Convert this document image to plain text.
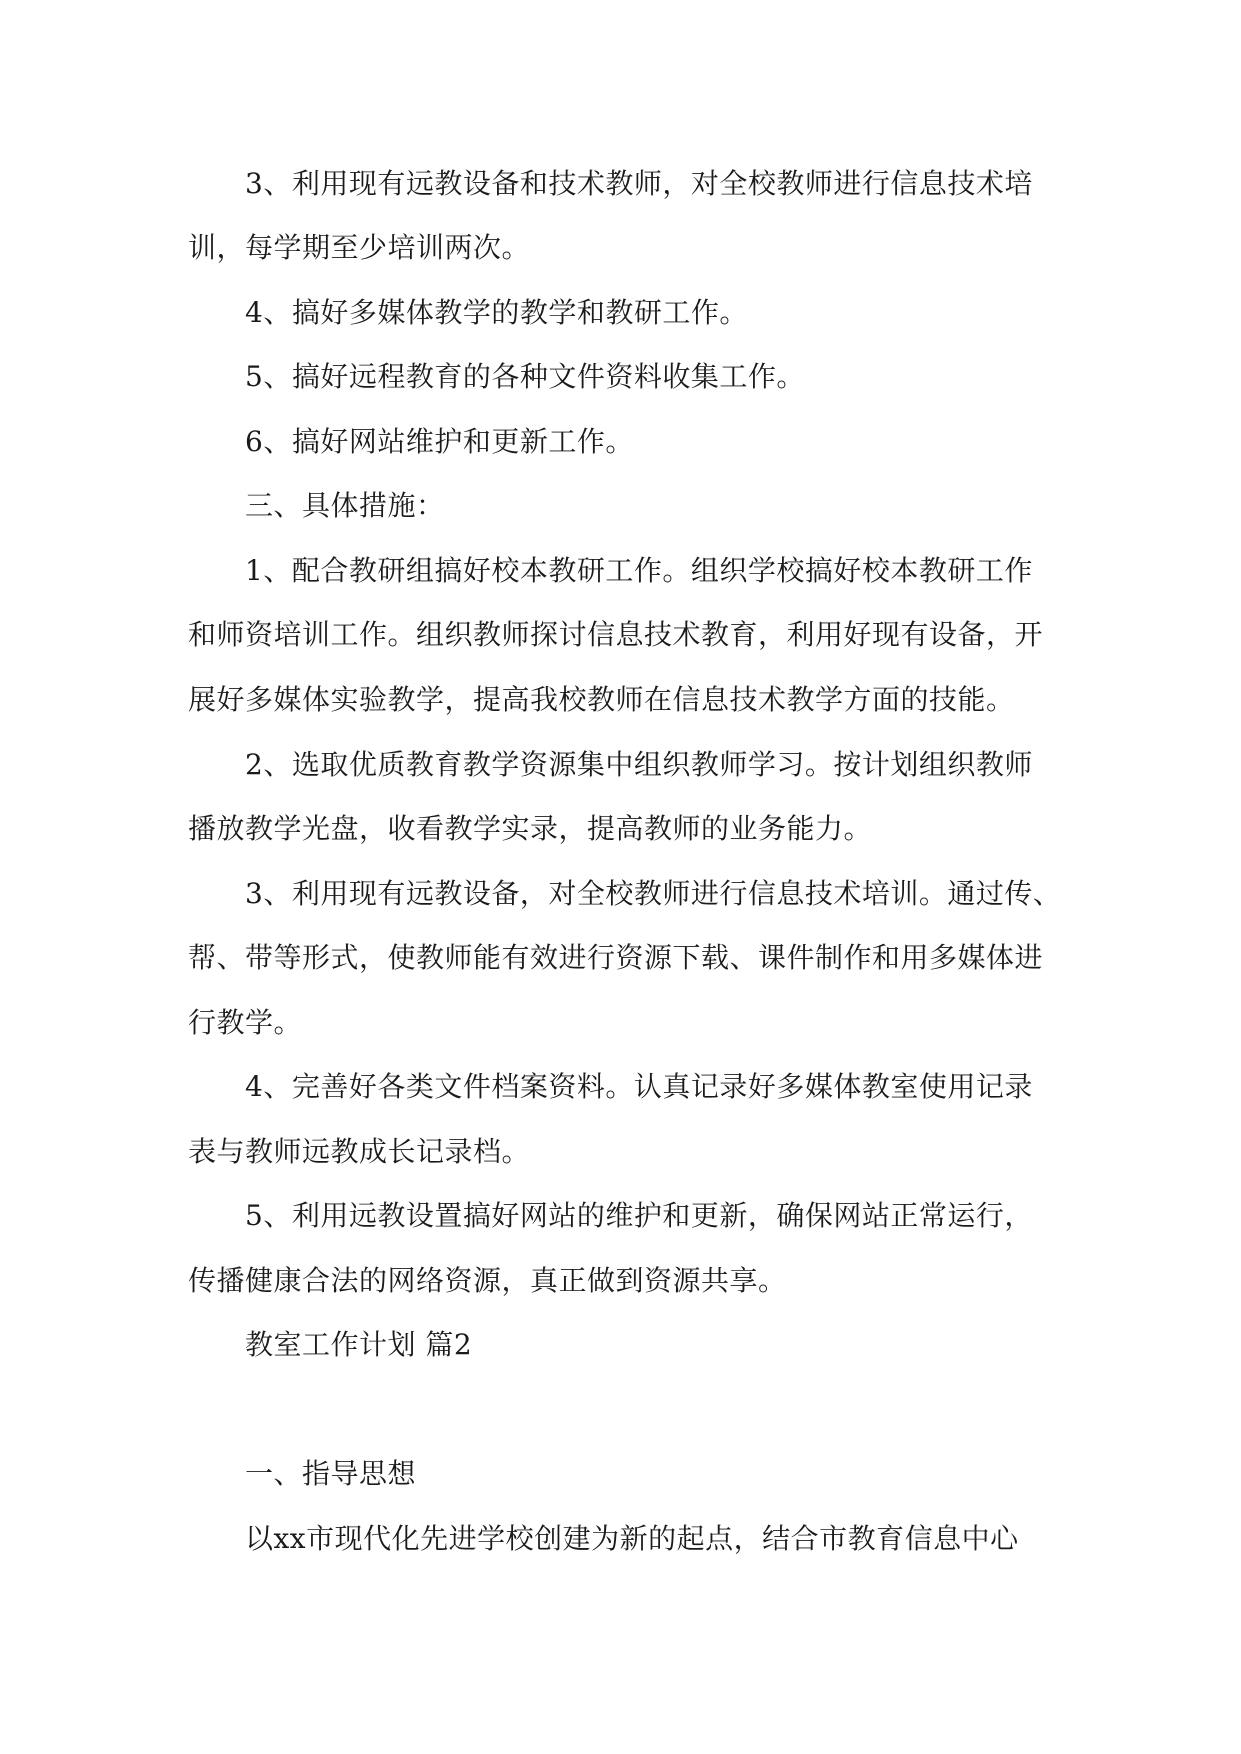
3、利用现有远教设备和技术教师，对全校教师进行信息技术培
训，每学期至少培训两次。
4、搞好多媒体教学的教学和教研工作。
5、搞好远程教育的各种文件资料收集工作。
6、搞好网站维护和更新工作。
三、具体措施：
1、配合教研组搞好校本教研工作。组织学校搞好校本教研工作
和师资培训工作。组织教师探讨信息技术教育，利用好现有设备，开
展好多媒体实验教学，提高我校教师在信息技术教学方面的技能。
2、选取优质教育教学资源集中组织教师学习。按计划组织教师
播放教学光盘，收看教学实录，提高教师的业务能力。
3、利用现有远教设备，对全校教师进行信息技术培训。通过传、
帮、带等形式，使教师能有效进行资源下载、课件制作和用多媒体进
行教学。
4、完善好各类文件档案资料。认真记录好多媒体教室使用记录
表与教师远教成长记录档。
5、利用远教设置搞好网站的维护和更新，确保网站正常运行，
传播健康合法的网络资源，真正做到资源共享。
教室工作计划 篇2
一、指导思想
以xx市现代化先进学校创建为新的起点，结合市教育信息中心
